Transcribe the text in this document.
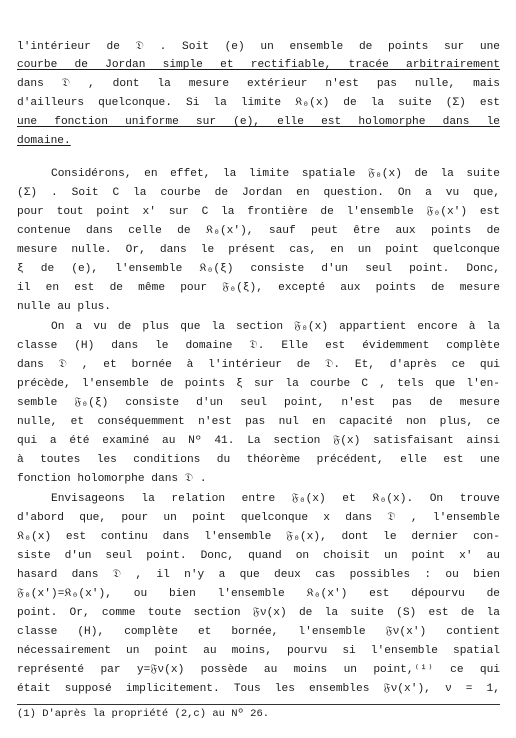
l'intérieur de 𝔇 . Soit (e) un ensemble de points sur une
courbe de Jordan simple et rectifiable, tracée arbitrairement
dans 𝔇 , dont la mesure extérieur n'est pas nulle, mais
d'ailleurs quelconque. Si la limite 𝔎₀(x) de la suite (Σ) est
une fonction uniforme sur (e), elle est holomorphe dans le
domaine.
Considérons, en effet, la limite spatiale 𝔉₀(x) de la suite
(Σ) . Soit C la courbe de Jordan en question. On a vu que,
pour tout point x' sur C la frontière de l'ensemble 𝔉₀(x') est
contenue dans celle de 𝔎₀(x'), sauf peut être aux points de
mesure nulle. Or, dans le présent cas, en un point quelconque
ξ de (e), l'ensemble 𝔎₀(ξ) consiste d'un seul point. Donc,
il en est de même pour 𝔉₀(ξ), excepté aux points de mesure
nulle au plus.
On a vu de plus que la section 𝔉₀(x) appartient encore à la
classe (H) dans le domaine 𝔇. Elle est évidemment complète
dans 𝔇 , et bornée à l'intérieur de 𝔇. Et, d'après ce qui
précède, l'ensemble de points ξ sur la courbe C , tels que l'en-
semble 𝔉₀(ξ) consiste d'un seul point, n'est pas de mesure
nulle, et conséquemment n'est pas nul en capacité non plus, ce
qui a été examiné au Nº 41. La section 𝔉(x) satisfaisant ainsi
à toutes les conditions du théorème précédent, elle est une
fonction holomorphe dans 𝔇 .
Envisageons la relation entre 𝔉₀(x) et 𝔎₀(x). On trouve
d'abord que, pour un point quelconque x dans 𝔇 , l'ensemble
𝔎₀(x) est continu dans l'ensemble 𝔉₀(x), dont le dernier con-
siste d'un seul point. Donc, quand on choisit un point x' au
hasard dans 𝔇 , il n'y a que deux cas possibles : ou bien
𝔉₀(x')=𝔎₀(x'), ou bien l'ensemble 𝔎₀(x') est dépourvu de
point. Or, comme toute section 𝔉ν(x) de la suite (S) est de la
classe (H), complète et bornée, l'ensemble 𝔉ν(x') contient
nécessairement un point au moins, pourvu si l'ensemble spatial
représenté par y=𝔉ν(x) possède au moins un point,⁽¹⁾ ce qui
était supposé implicitement. Tous les ensembles 𝔉ν(x'), ν = 1,
(1) D'après la propriété (2,c) au Nº 26.
